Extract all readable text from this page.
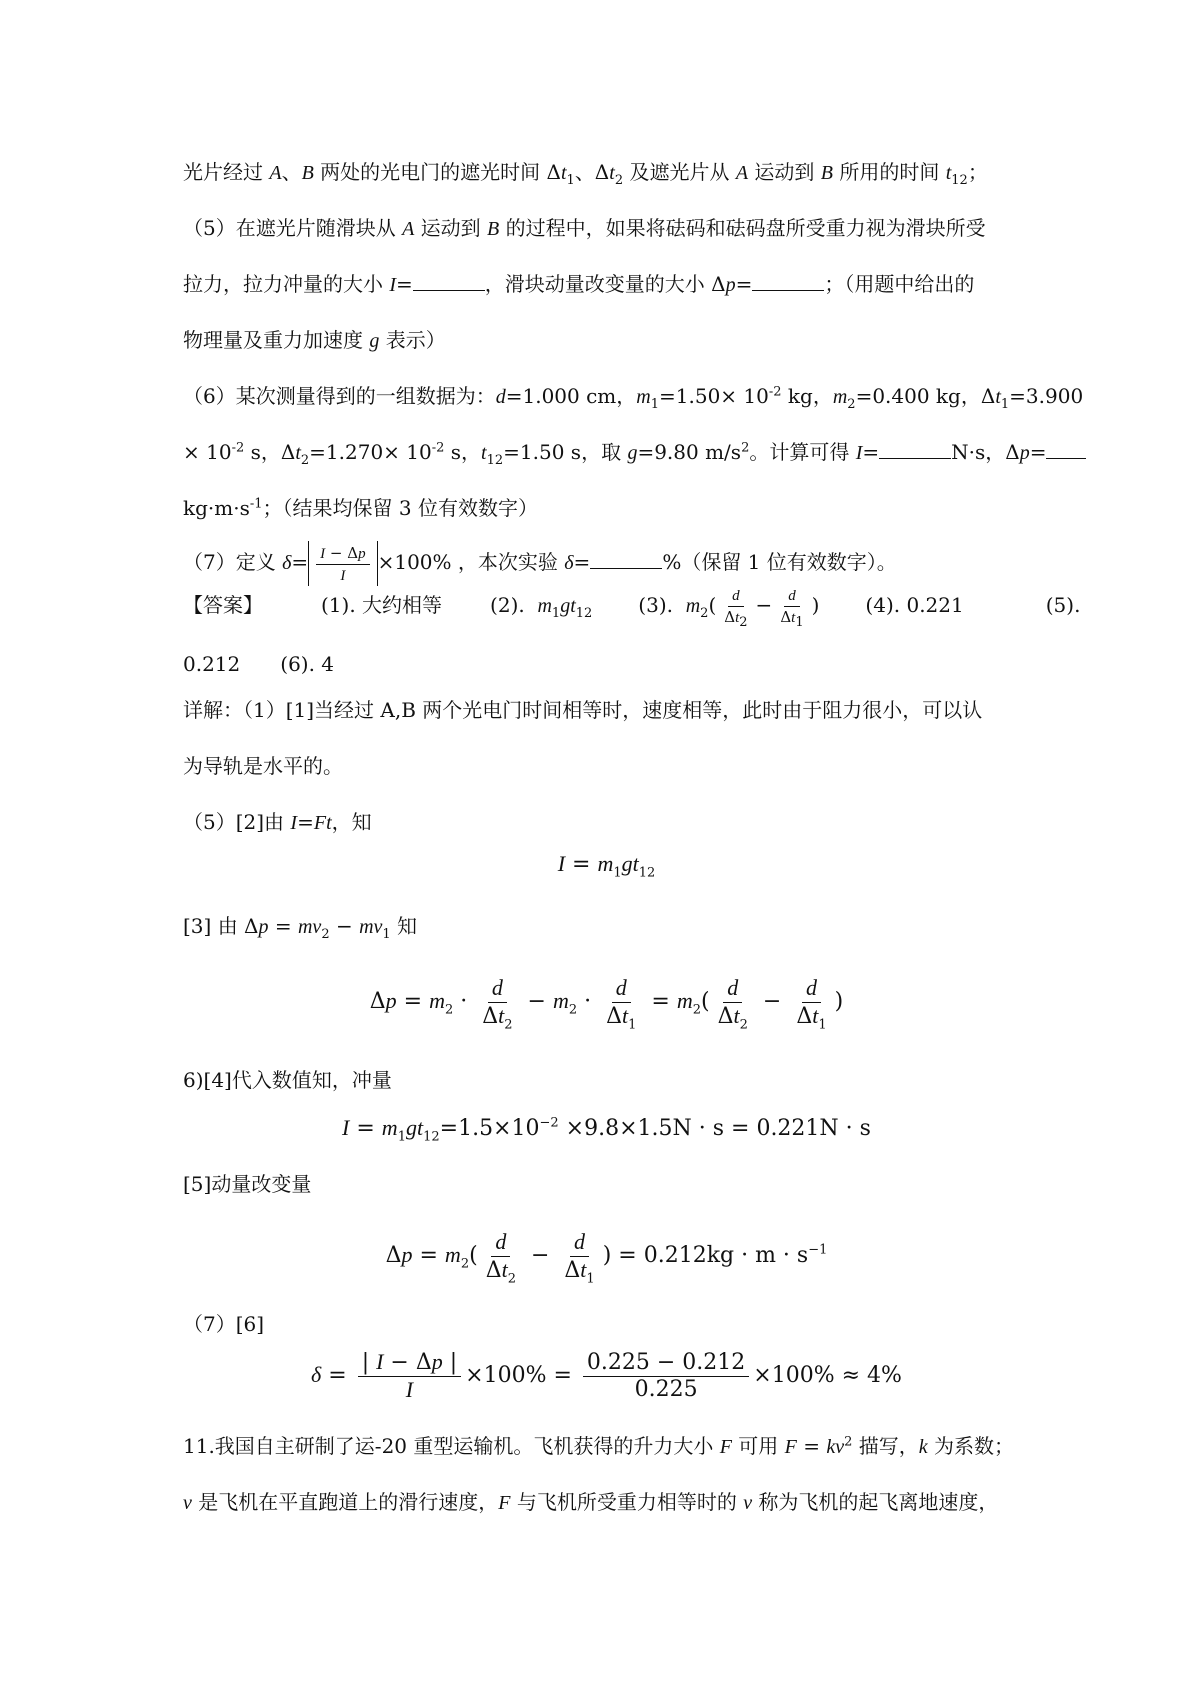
光片经过 A、B 两处的光电门的遮光时间 $\Delta t_1$、$\Delta t_2$ 及遮光片从 A 运动到 B 所用的时间 $t_{12}$；
（5）在遮光片随滑块从 A 运动到 B 的过程中，如果将砝码和砝码盘所受重力视为滑块所受
拉力，拉力冲量的大小 I=	，滑块动量改变量的大小 Δp=	；（用题中给出的
物理量及重力加速度 g 表示）
（6）某次测量得到的一组数据为：d=1.000 cm，$m_1=1.50\times 10^{-2}$ kg，$m_2=0.400$ kg，$\Delta t_1=3.900$
× $10^{-2}$ s，$\Delta t_2=1.270\times 10^{-2}$ s，$t_{12}=1.50$ s，取 g=9.80 $m/s^2$。计算可得 I=	N·s，Δp=
$kg\cdot m\cdot s^{-1}$；（结果均保留 3 位有效数字）
（7）定义 $\delta= \frac{I - \Delta p}{I} \times 100\%$ ，本次实验 δ=	%（保留 1 位有效数字）。
【答案】	(1). 大约相等 (2).  $m_1gt_{12}$ (3).  $m_2( \frac{d}{\Delta t_2} - \frac{d}{\Delta t_1}$ ) (4). 0.221	(5).
0.212 (6). 4
详解：（1）[1]当经过 A,B 两个光电门时间相等时，速度相等，此时由于阻力很小，可以认
为导轨是水平的。
（5）[2]由 I=Ft，知
$I = m_1gt_{12}$
[3] 由 $\Delta p = mv_2 - mv_1$ 知
$\Delta p = m_2 \cdot \frac{d}{\Delta t_2} - m_2 \cdot \frac{d}{\Delta t_1} = m_2( \frac{d}{\Delta t_2} - \frac{d}{\Delta t_1}$ )
6)[4]代入数值知，冲量
$I = m_1gt_{12}=1.5\times 10^{-2} \times 9.8\times 1.5N \cdot s = 0.221N \cdot s$
[5]动量改变量
$\Delta p = m_2( \frac{d}{\Delta t_2} - \frac{d}{\Delta t_1}$ ) = $0.212kg \cdot m \cdot s^{-1}$
（7）[6]
$\delta = \frac{| I - \Delta p |}{I} \times 100\% = \frac{0.225 - 0.212}{0.225} \times 100\% \approx 4\%$
11.我国自主研制了运-20 重型运输机。飞机获得的升力大小 F 可用 $F = kv^2$ 描写，k 为系数；
v 是飞机在平直跑道上的滑行速度，F 与飞机所受重力相等时的 v 称为飞机的起飞离地速度，
